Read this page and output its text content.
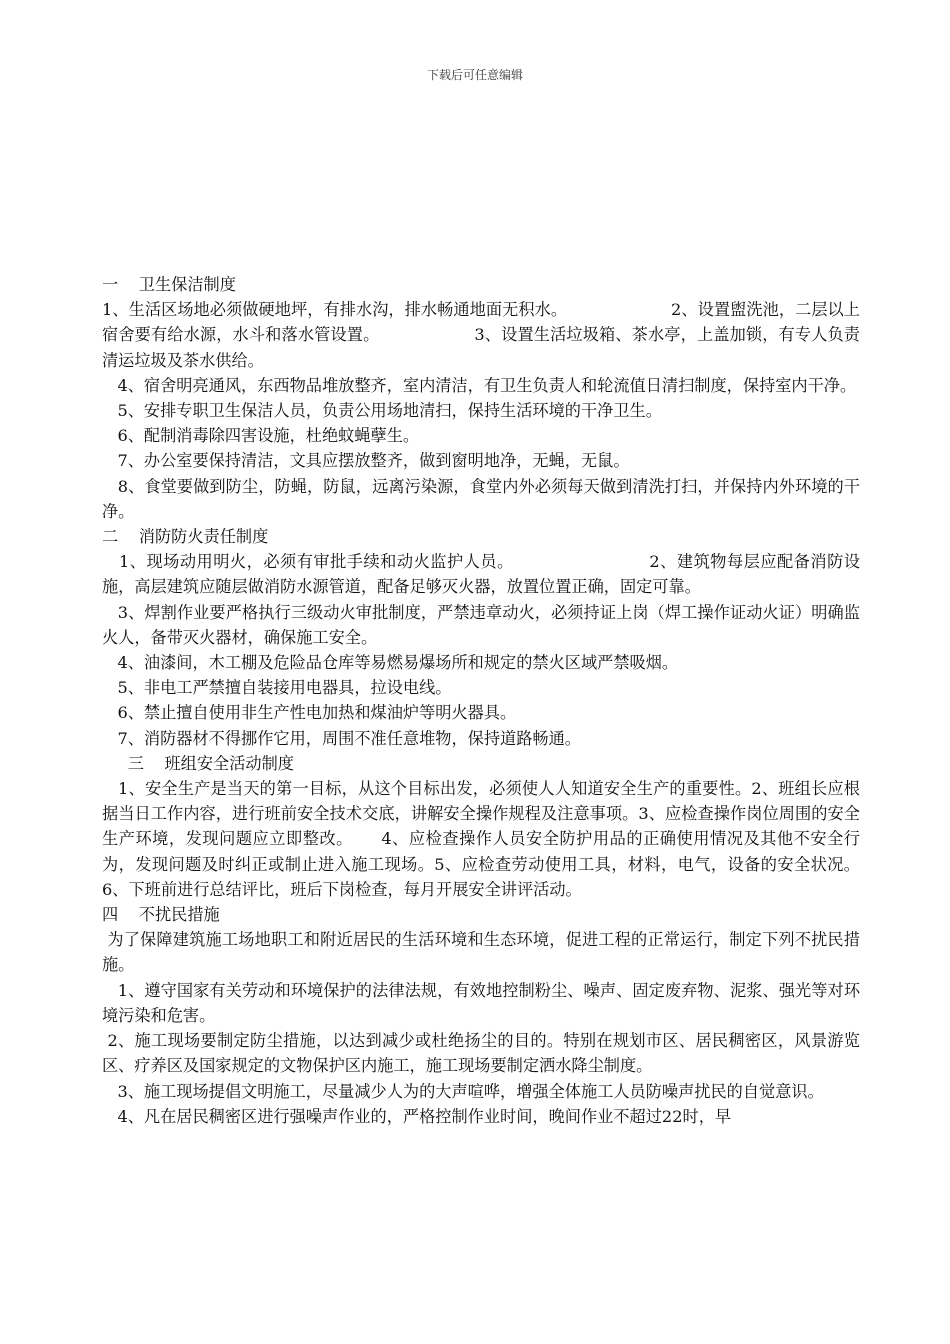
下载后可任意编辑

一    卫生保洁制度

1、生活区场地必须做硬地坪，有排水沟，排水畅通地面无积水。                    2、设置盥洗池，二层以上宿舍要有给水源，水斗和落水管设置。                  3、设置生活垃圾箱、茶水亭，上盖加锁，有专人负责清运垃圾及茶水供给。

4、宿舍明亮通风，东西物品堆放整齐，室内清洁，有卫生负责人和轮流值日清扫制度，保持室内干净。

5、安排专职卫生保洁人员，负责公用场地清扫，保持生活环境的干净卫生。

6、配制消毒除四害设施，杜绝蚊蝇孽生。

7、办公室要保持清洁，文具应摆放整齐，做到窗明地净，无蝇，无鼠。

8、食堂要做到防尘，防蝇，防鼠，远离污染源，食堂内外必须每天做到清洗打扫，并保持内外环境的干净。

二    消防防火责任制度

1、现场动用明火，必须有审批手续和动火监护人员。                        2、建筑物每层应配备消防设施，高层建筑应随层做消防水源管道，配备足够灭火器，放置位置正确，固定可靠。

3、焊割作业要严格执行三级动火审批制度，严禁违章动火，必须持证上岗（焊工操作证动火证）明确监火人，备带灭火器材，确保施工安全。

4、油漆间，木工棚及危险品仓库等易燃易爆场所和规定的禁火区域严禁吸烟。

5、非电工严禁擅自装接用电器具，拉设电线。

6、禁止擅自使用非生产性电加热和煤油炉等明火器具。

7、消防器材不得挪作它用，周围不准任意堆物，保持道路畅通。

三    班组安全活动制度

1、安全生产是当天的第一目标，从这个目标出发，必须使人人知道安全生产的重要性。2、班组长应根据当日工作内容，进行班前安全技术交底，讲解安全操作规程及注意事项。3、应检查操作岗位周围的安全生产环境，发现问题应立即整改。     4、应检查操作人员安全防护用品的正确使用情况及其他不安全行为，发现问题及时纠正或制止进入施工现场。5、应检查劳动使用工具，材料，电气，设备的安全状况。     6、下班前进行总结评比，班后下岗检查，每月开展安全讲评活动。

四    不扰民措施

为了保障建筑施工场地职工和附近居民的生活环境和生态环境，促进工程的正常运行，制定下列不扰民措施。

1、遵守国家有关劳动和环境保护的法律法规，有效地控制粉尘、噪声、固定废弃物、泥浆、强光等对环境污染和危害。

2、施工现场要制定防尘措施，以达到减少或杜绝扬尘的目的。特别在规划市区、居民稠密区，风景游览区、疗养区及国家规定的文物保护区内施工，施工现场要制定洒水降尘制度。

3、施工现场提倡文明施工，尽量减少人为的大声喧哗，增强全体施工人员防噪声扰民的自觉意识。

4、凡在居民稠密区进行强噪声作业的，严格控制作业时间，晚间作业不超过22时，早
